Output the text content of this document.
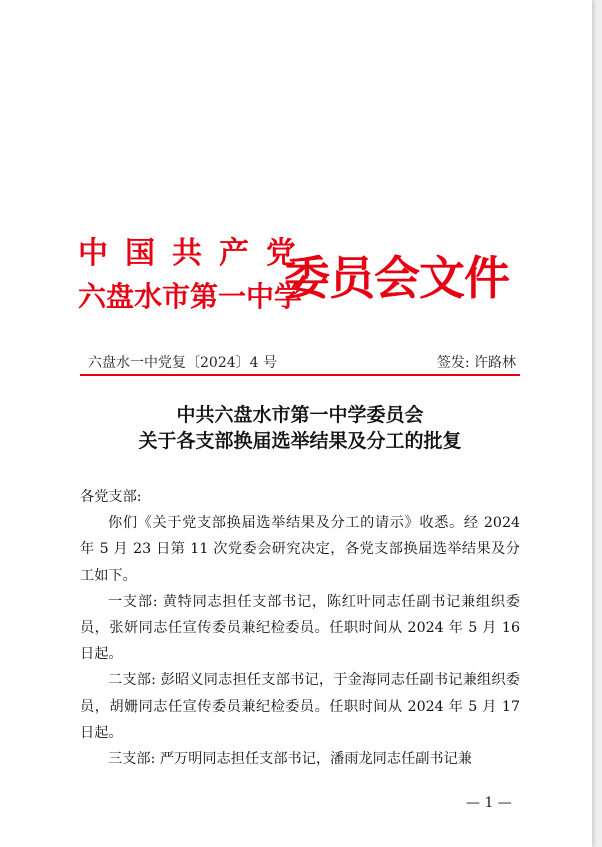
中国共产党
六盘水市第一中学
委员会文件
六盘水一中党复〔2024〕4 号	签发: 许路林
中共六盘水市第一中学委员会
关于各支部换届选举结果及分工的批复

各党支部:

你们《关于党支部换届选举结果及分工的请示》收悉。经 2024 年 5 月 23 日第 11 次党委会研究决定，各党支部换届选举结果及分工如下。

一支部: 黄特同志担任支部书记，陈红叶同志任副书记兼组织委员，张妍同志任宣传委员兼纪检委员。任职时间从 2024 年 5 月 16 日起。

二支部: 彭昭义同志担任支部书记，于金海同志任副书记兼组织委员，胡姗同志任宣传委员兼纪检委员。任职时间从 2024 年 5 月 17 日起。

三支部: 严万明同志担任支部书记，潘雨龙同志任副书记兼

— 1 —
